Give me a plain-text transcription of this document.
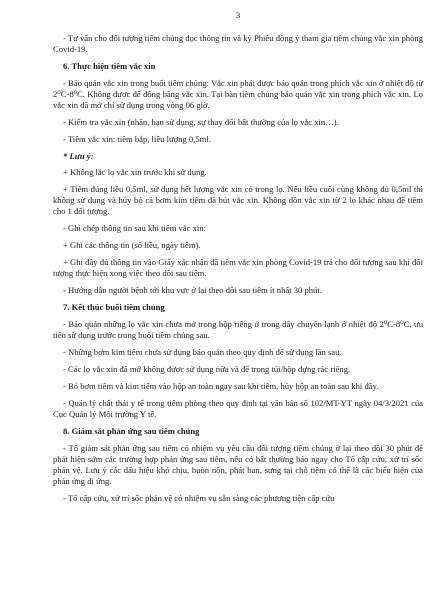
3

- Tư vấn cho đối tượng tiêm chủng đọc thông tin và ký Phiếu đồng ý tham gia tiêm chủng vắc xin phòng Covid-19.

6. Thực hiện tiêm vắc xin

- Bảo quản vắc xin trong buổi tiêm chủng: Vắc xin phải được bảo quản trong phích vắc xin ở nhiệt độ từ 2⁰C-8⁰C. Không được để đông băng vắc xin. Tại bàn tiêm chủng bảo quản vắc xin trong phích vắc xin. Lọ vắc xin đã mở chỉ sử dụng trong vòng 06 giờ.

- Kiểm tra vắc xin (nhãn, hạn sử dụng, sự thay đổi bất thường của lọ vắc xin…).

- Tiêm vắc xin: tiêm bắp, liều lượng 0,5ml.

* Lưu ý:

+ Không lắc lọ vắc xin trước khi sử dụng.

+ Tiêm đúng liều 0,5ml, sử dụng hết lượng vắc xin có trong lọ. Nếu liều cuối cùng không đủ 0,5ml thì không sử dụng và hủy bỏ cả bơm kim tiêm đã hút vắc xin. Không dồn vắc xin từ 2 lọ khác nhau để tiêm cho 1 đối tượng.

- Ghi chép thông tin sau khi tiêm vắc xin:

+ Ghi các thông tin (số liều, ngày tiêm).

+ Ghi đầy đủ thông tin vào Giấy xác nhận đã tiêm vắc xin phòng Covid-19 trả cho đối tượng sau khi đối tượng thực hiện xong việc theo dõi sau tiêm.

- Hướng dẫn người bệnh tới khu vực ở lại theo dõi sau tiêm ít nhất 30 phút.

7. Kết thúc buổi tiêm chủng

- Bảo quản những lọ vắc xin chưa mở trong hộp riêng ở trong dây chuyền lạnh ở nhiệt độ 2⁰C-8⁰C, ưu tiên sử dụng trước trong buổi tiêm chủng sau.

- Những bơm kim tiêm chưa sử dụng bảo quản theo quy định để sử dụng lần sau.

- Các lọ vắc xin đã mở không được sử dụng nữa và để trong túi/hộp đựng rác riêng.

- Bỏ bơm tiêm và kim tiêm vào hộp an toàn ngay sau khi tiêm, hủy hộp an toàn sau khi đầy.

- Quản lý chất thải y tế trong tiêm phòng theo quy định tại văn bản số 102/MT-YT ngày 04/3/2021 của Cục Quản lý Môi trường Y tế.

8. Giám sát phản ứng sau tiêm chủng

- Tổ giám sát phản ứng sau tiêm có nhiệm vụ yêu cầu đối tượng tiêm chủng ở lại theo dõi 30 phút để phát hiện sớm các trường hợp phản ứng sau tiêm, nếu có bất thường báo ngay cho Tổ cấp cứu, xử trí sốc phản vệ. Lưu ý các dấu hiệu khó chịu, buồn nôn, phát ban, sưng tại chỗ tiêm có thể là các biểu hiện của phản ứng dị ứng.

- Tổ cấp cứu, xử trí sốc phản vệ có nhiệm vụ sẵn sàng các phương tiện cấp cứu
